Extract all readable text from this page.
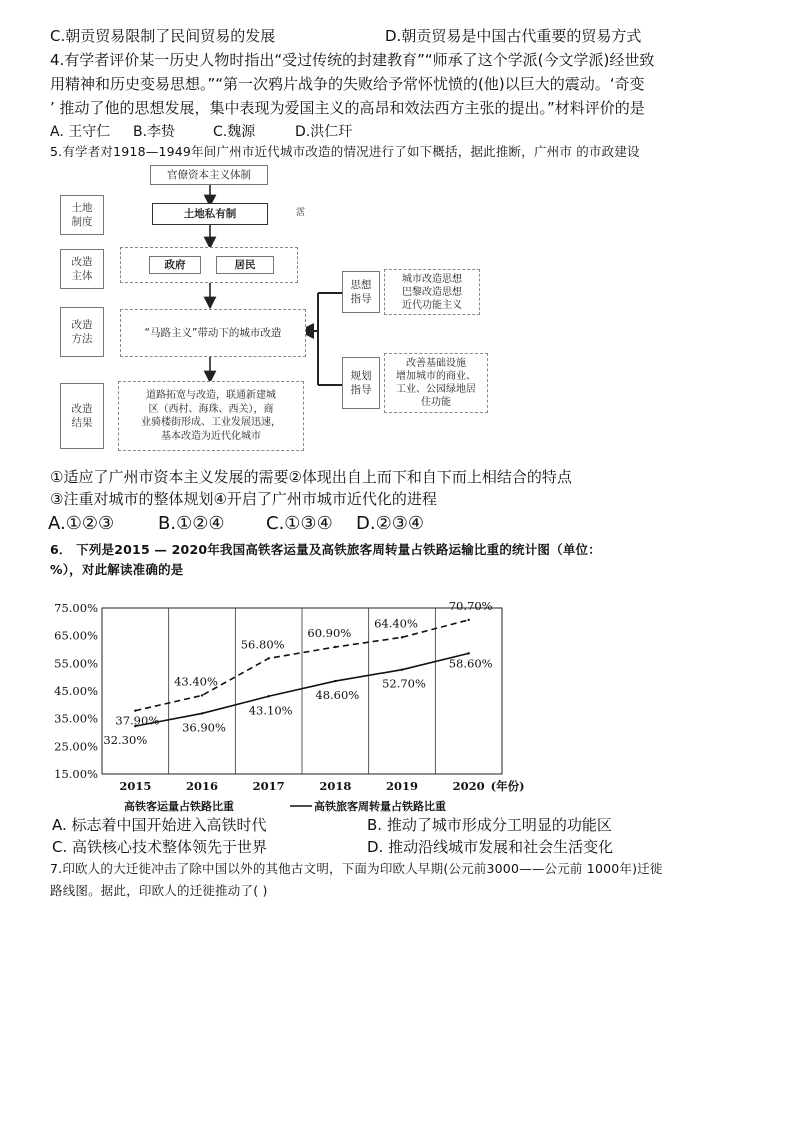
C.朝贡贸易限制了民间贸易的发展	D.朝贡贸易是中国古代重要的贸易方式
4.有学者评价某一历史人物时指出“受过传统的封建教育”“师承了这个学派(今文学派)经世致
用精神和历史变易思想。”“第一次鸦片战争的失败给予常怀忧愤的(他)以巨大的震动。‘奇变
’ 推动了他的思想发展，集中表现为爱国主义的高昂和效法西方主张的提出。”材料评价的是
A. 王守仁 B.李贽	C.魏源	D.洪仁玕
5.有学者对1918—1949年间广州市近代城市改造的情况进行了如下概括，据此推断，广州市 的市政建设
官僚资本主义体制
土地私有制	霑
政府	居民
“马路主义”带动下的城市改造
道路拓宽与改造，联通新建城
区（西村、海珠、西关），商
业骑楼街形成、工业发展迅速，
基本改造为近代化城市
土地
制度
改造
主体
改造
方法
改造
结果
思想
指导
城市改造思想
巴黎改造思想
近代功能主义
规划
指导
改善基础设施
增加城市的商业、
工业、公园绿地居
住功能
①适应了广州市资本主义发展的需要②体现出自上而下和自下而上相结合的特点
③注重对城市的整体规划④开启了广州市城市近代化的进程
A.①②③ B.①②④ C.①③④ D.②③④
6． 下列是2015 — 2020年我国高铁客运量及高铁旅客周转量占铁路运输比重的统计图（单位：
%），对此解读准确的是
75.00%
65.00%
55.00%
45.00%
35.00%
25.00%
15.00%
2015	2016	2017	2018	2019	2020 (年份)
37.90%
43.40%
56.80%
60.90%
64.40%
70.70%
32.30%
36.90%
43.10%
48.60%
52.70%
58.60%
高铁客运量占铁路比重	高铁旅客周转量占铁路比重
A. 标志着中国开始进入高铁时代	B. 推动了城市形成分工明显的功能区
C. 高铁核心技术整体领先于世界	D. 推动沿线城市发展和社会生活变化
7.印欧人的大迁徙冲击了除中国以外的其他古文明，下面为印欧人早期(公元前3000——公元前 1000年)迁徙
路线图。据此，印欧人的迁徙推动了( )
